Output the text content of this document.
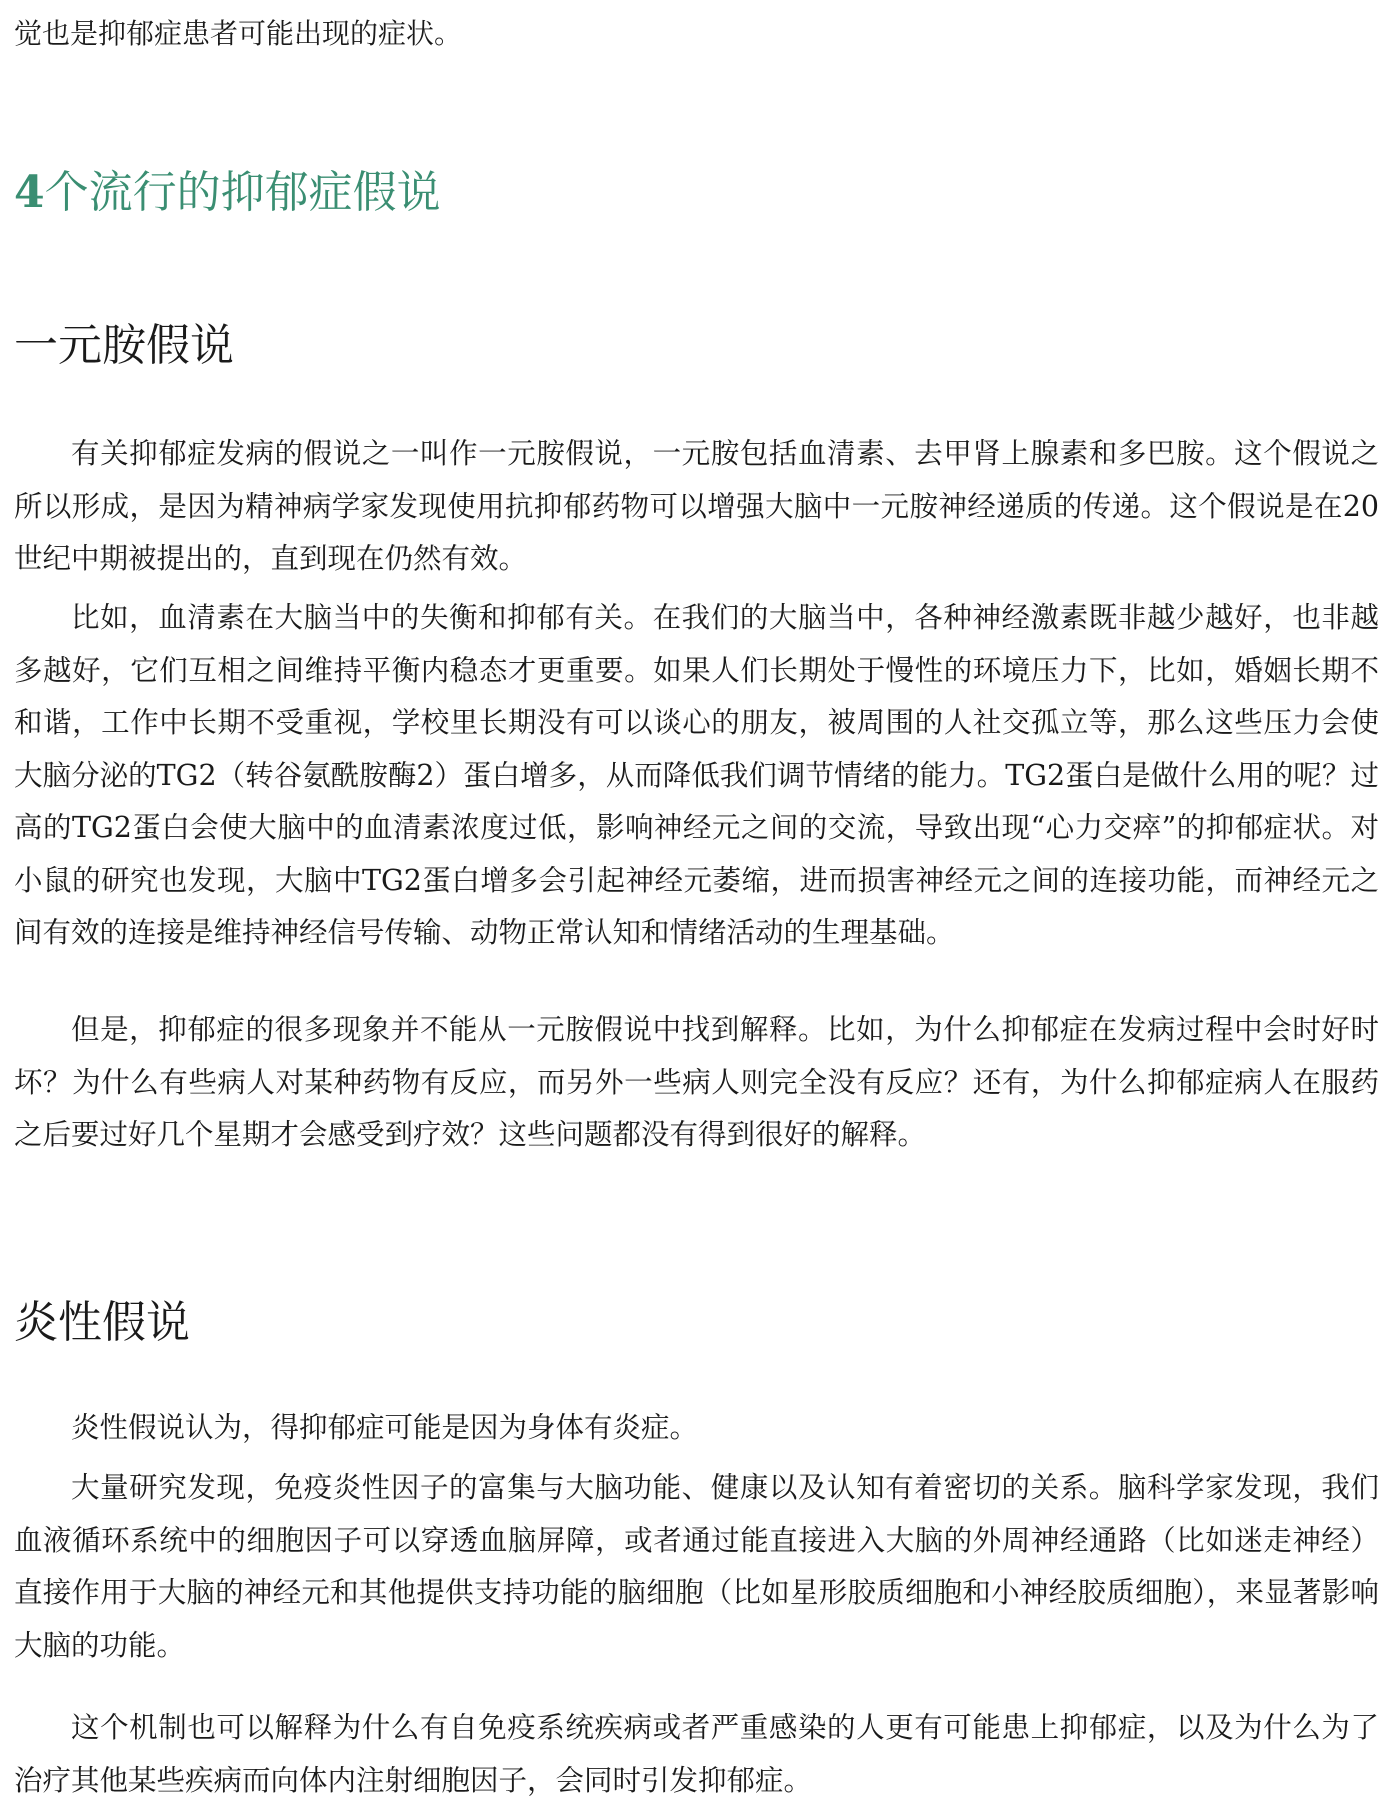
觉也是抑郁症患者可能出现的症状。

4个流行的抑郁症假说
一元胺假说

有关抑郁症发病的假说之一叫作一元胺假说，一元胺包括血清素、去甲肾上腺素和多巴胺。这个假说之所以形成，是因为精神病学家发现使用抗抑郁药物可以增强大脑中一元胺神经递质的传递。这个假说是在20世纪中期被提出的，直到现在仍然有效。

比如，血清素在大脑当中的失衡和抑郁有关。在我们的大脑当中，各种神经激素既非越少越好，也非越多越好，它们互相之间维持平衡内稳态才更重要。如果人们长期处于慢性的环境压力下，比如，婚姻长期不和谐，工作中长期不受重视，学校里长期没有可以谈心的朋友，被周围的人社交孤立等，那么这些压力会使大脑分泌的TG2（转谷氨酰胺酶2）蛋白增多，从而降低我们调节情绪的能力。TG2蛋白是做什么用的呢？过高的TG2蛋白会使大脑中的血清素浓度过低，影响神经元之间的交流，导致出现“心力交瘁”的抑郁症状。对小鼠的研究也发现，大脑中TG2蛋白增多会引起神经元萎缩，进而损害神经元之间的连接功能，而神经元之间有效的连接是维持神经信号传输、动物正常认知和情绪活动的生理基础。

但是，抑郁症的很多现象并不能从一元胺假说中找到解释。比如，为什么抑郁症在发病过程中会时好时坏？为什么有些病人对某种药物有反应，而另外一些病人则完全没有反应？还有，为什么抑郁症病人在服药之后要过好几个星期才会感受到疗效？这些问题都没有得到很好的解释。

炎性假说

炎性假说认为，得抑郁症可能是因为身体有炎症。

大量研究发现，免疫炎性因子的富集与大脑功能、健康以及认知有着密切的关系。脑科学家发现，我们血液循环系统中的细胞因子可以穿透血脑屏障，或者通过能直接进入大脑的外周神经通路（比如迷走神经）直接作用于大脑的神经元和其他提供支持功能的脑细胞（比如星形胶质细胞和小神经胶质细胞），来显著影响大脑的功能。

这个机制也可以解释为什么有自免疫系统疾病或者严重感染的人更有可能患上抑郁症，以及为什么为了治疗其他某些疾病而向体内注射细胞因子，会同时引发抑郁症。
